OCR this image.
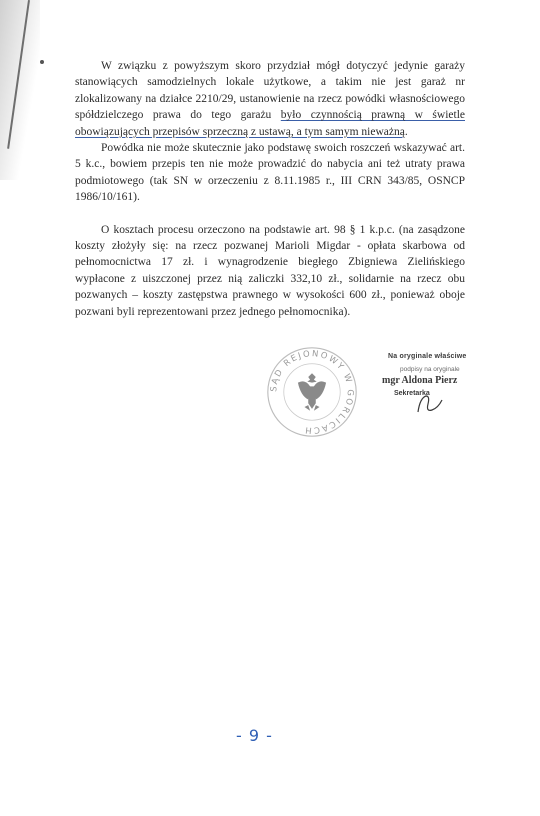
W związku z powyższym skoro przydział mógł dotyczyć jedynie garaży stanowiących samodzielnych lokale użytkowe, a takim nie jest garaż nr zlokalizowany na działce 2210/29, ustanowienie na rzecz powódki własnościowego spółdzielczego prawa do tego garażu było czynnością prawną w świetle obowiązujących przepisów sprzeczną z ustawą, a tym samym nieważną.

Powódka nie może skutecznie jako podstawę swoich roszczeń wskazywać art. 5 k.c., bowiem przepis ten nie może prowadzić do nabycia ani też utraty prawa podmiotowego (tak SN w orzeczeniu z 8.11.1985 r., III CRN 343/85, OSNCP 1986/10/161).

O kosztach procesu orzeczono na podstawie art. 98 § 1 k.p.c. (na zasądzone koszty złożyły się: na rzecz pozwanej Marioli Migdar - opłata skarbowa od pełnomocnictwa 17 zł. i wynagrodzenie biegłego Zbigniewa Zielińskiego wypłacone z uiszczonej przez nią zaliczki 332,10 zł., solidarnie na rzecz obu pozwanych – koszty zastępstwa prawnego w wysokości 600 zł., ponieważ oboje pozwani byli reprezentowani przez jednego pełnomocnika).

SĄD REJONOWY W GORLICACH
Na oryginale właściwe
podpisy na oryginale
mgr Aldona Pierz
Sekretarka
- 9 -
